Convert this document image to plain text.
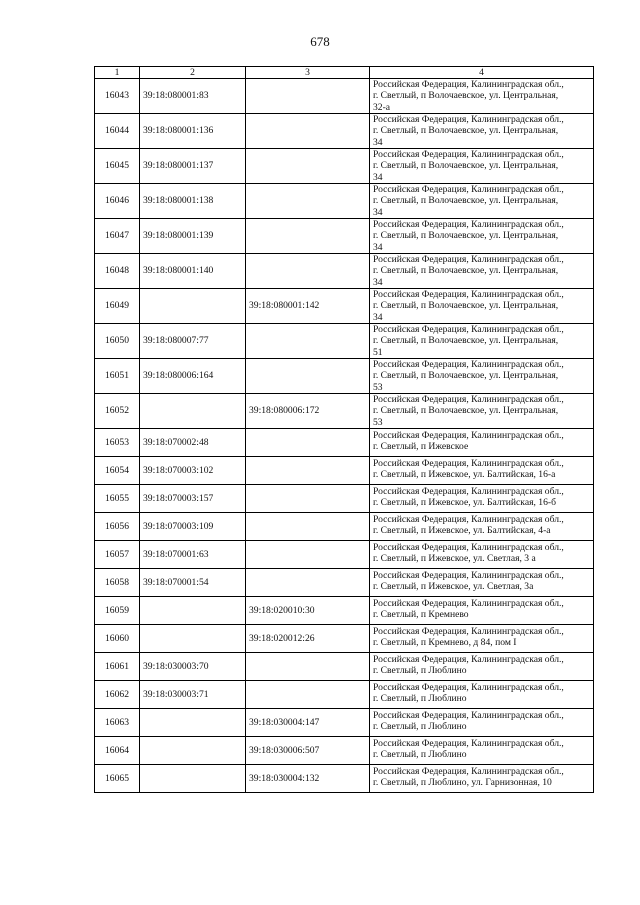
678
1	2	3	4
16043	39:18:080001:83		Российская Федерация, Калининградская обл.,
г. Светлый, п Волочаевское, ул. Центральная,
32-а

16044	39:18:080001:136		Российская Федерация, Калининградская обл.,
г. Светлый, п Волочаевское, ул. Центральная,
34

16045	39:18:080001:137		Российская Федерация, Калининградская обл.,
г. Светлый, п Волочаевское, ул. Центральная,
34

16046	39:18:080001:138		Российская Федерация, Калининградская обл.,
г. Светлый, п Волочаевское, ул. Центральная,
34

16047	39:18:080001:139		Российская Федерация, Калининградская обл.,
г. Светлый, п Волочаевское, ул. Центральная,
34

16048	39:18:080001:140		Российская Федерация, Калининградская обл.,
г. Светлый, п Волочаевское, ул. Центральная,
34

16049		39:18:080001:142	Российская Федерация, Калининградская обл.,
г. Светлый, п Волочаевское, ул. Центральная,
34

16050	39:18:080007:77		Российская Федерация, Калининградская обл.,
г. Светлый, п Волочаевское, ул. Центральная,
51

16051	39:18:080006:164		Российская Федерация, Калининградская обл.,
г. Светлый, п Волочаевское, ул. Центральная,
53

16052		39:18:080006:172	Российская Федерация, Калининградская обл.,
г. Светлый, п Волочаевское, ул. Центральная,
53

16053	39:18:070002:48		Российская Федерация, Калининградская обл.,
г. Светлый, п Ижевское

16054	39:18:070003:102		Российская Федерация, Калининградская обл.,
г. Светлый, п Ижевское, ул. Балтийская, 16-а

16055	39:18:070003:157		Российская Федерация, Калининградская обл.,
г. Светлый, п Ижевское, ул. Балтийская, 16-б

16056	39:18:070003:109		Российская Федерация, Калининградская обл.,
г. Светлый, п Ижевское, ул. Балтийская, 4-а

16057	39:18:070001:63		Российская Федерация, Калининградская обл.,
г. Светлый, п Ижевское, ул. Светлая, 3 а

16058	39:18:070001:54		Российская Федерация, Калининградская обл.,
г. Светлый, п Ижевское, ул. Светлая, 3а

16059		39:18:020010:30	Российская Федерация, Калининградская обл.,
г. Светлый, п Кремнево

16060		39:18:020012:26	Российская Федерация, Калининградская обл.,
г. Светлый, п Кремнево, д 84, пом I

16061	39:18:030003:70		Российская Федерация, Калининградская обл.,
г. Светлый, п Люблино

16062	39:18:030003:71		Российская Федерация, Калининградская обл.,
г. Светлый, п Люблино

16063		39:18:030004:147	Российская Федерация, Калининградская обл.,
г. Светлый, п Люблино

16064		39:18:030006:507	Российская Федерация, Калининградская обл.,
г. Светлый, п Люблино

16065		39:18:030004:132	Российская Федерация, Калининградская обл.,
г. Светлый, п Люблино, ул. Гарнизонная, 10
